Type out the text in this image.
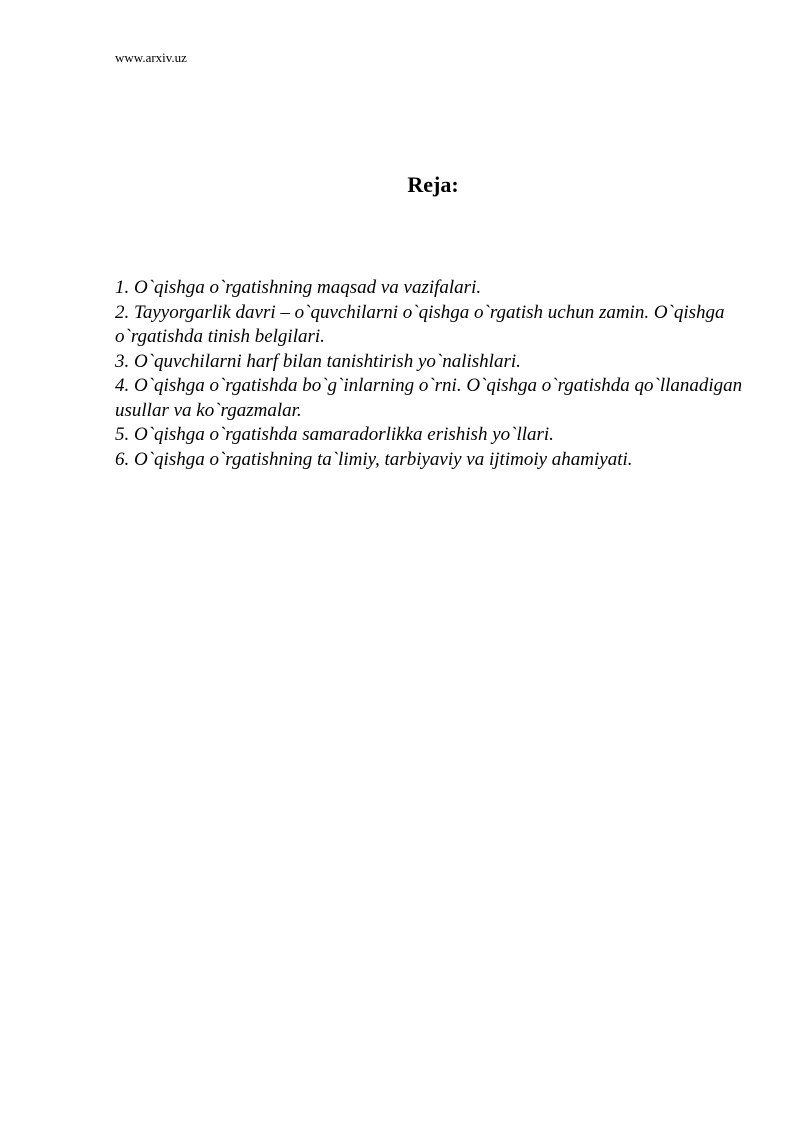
www.arxiv.uz
Reja:
1. O`qishga o`rgatishning maqsad va vazifalari.
2. Tayyorgarlik davri – o`quvchilarni o`qishga o`rgatish uchun zamin. O`qishga o`rgatishda tinish belgilari.
3. O`quvchilarni harf bilan tanishtirish yo`nalishlari.
4. O`qishga o`rgatishda bo`g`inlarning o`rni. O`qishga o`rgatishda qo`llanadigan usullar va ko`rgazmalar.
5. O`qishga o`rgatishda samaradorlikka erishish yo`llari.
6. O`qishga o`rgatishning ta`limiy, tarbiyaviy va ijtimoiy ahamiyati.
